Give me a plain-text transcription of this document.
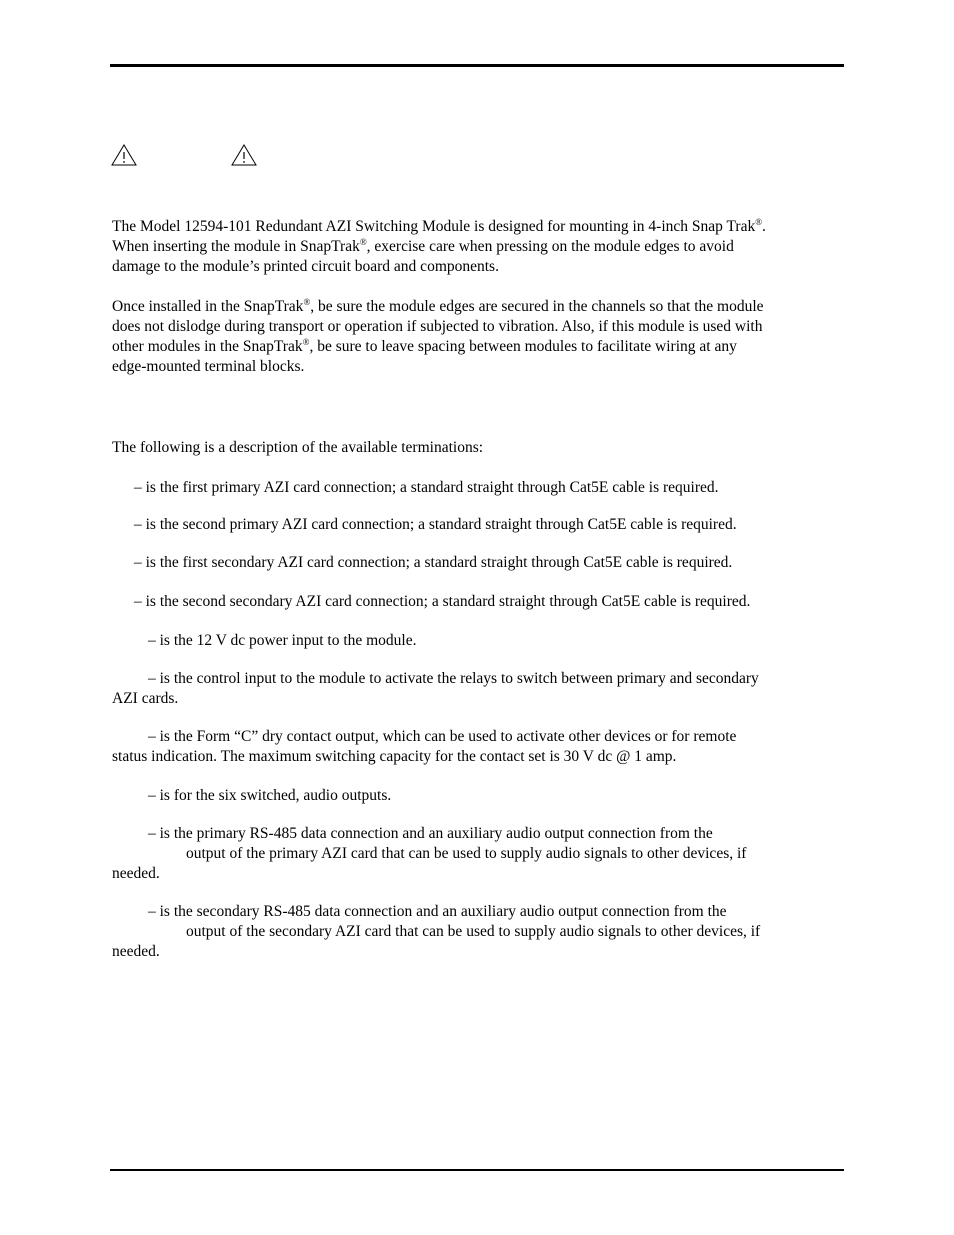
The Model 12594-101 Redundant AZI Switching Module is designed for mounting in 4-inch Snap Trak®.
When inserting the module in SnapTrak®, exercise care when pressing on the module edges to avoid
damage to the module’s printed circuit board and components.
Once installed in the SnapTrak®, be sure the module edges are secured in the channels so that the module
does not dislodge during transport or operation if subjected to vibration. Also, if this module is used with
other modules in the SnapTrak®, be sure to leave spacing between modules to facilitate wiring at any
edge-mounted terminal blocks.
The following is a description of the available terminations:
– is the first primary AZI card connection; a standard straight through Cat5E cable is required.
– is the second primary AZI card connection; a standard straight through Cat5E cable is required.
– is the first secondary AZI card connection; a standard straight through Cat5E cable is required.
– is the second secondary AZI card connection; a standard straight through Cat5E cable is required.
– is the 12 V dc power input to the module.
– is the control input to the module to activate the relays to switch between primary and secondary
AZI cards.
– is the Form “C” dry contact output, which can be used to activate other devices or for remote
status indication. The maximum switching capacity for the contact set is 30 V dc @ 1 amp.
– is for the six switched, audio outputs.
– is the primary RS-485 data connection and an auxiliary audio output connection from the
output of the primary AZI card that can be used to supply audio signals to other devices, if
needed.
– is the secondary RS-485 data connection and an auxiliary audio output connection from the
output of the secondary AZI card that can be used to supply audio signals to other devices, if
needed.
